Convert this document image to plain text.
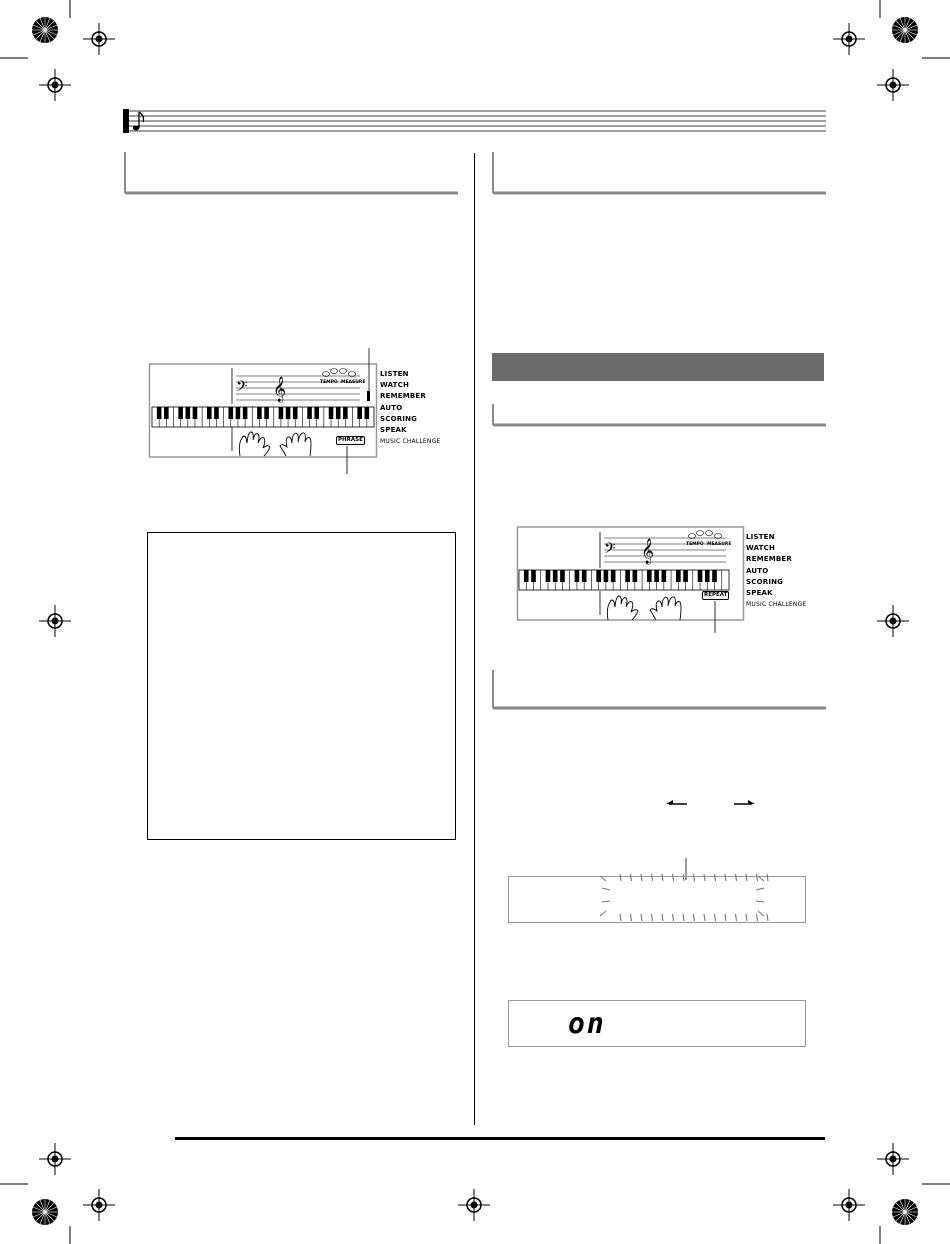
𝄢 𝄞	TEMPO MEASURE
PHRASE
LISTEN
WATCH
REMEMBER
AUTO
SCORING
SPEAK
MUSIC CHALLENGE
𝄢 𝄞	TEMPO MEASURE
REPEAT
LISTEN
WATCH
REMEMBER
AUTO
SCORING
SPEAK
MUSIC CHALLENGE
on
